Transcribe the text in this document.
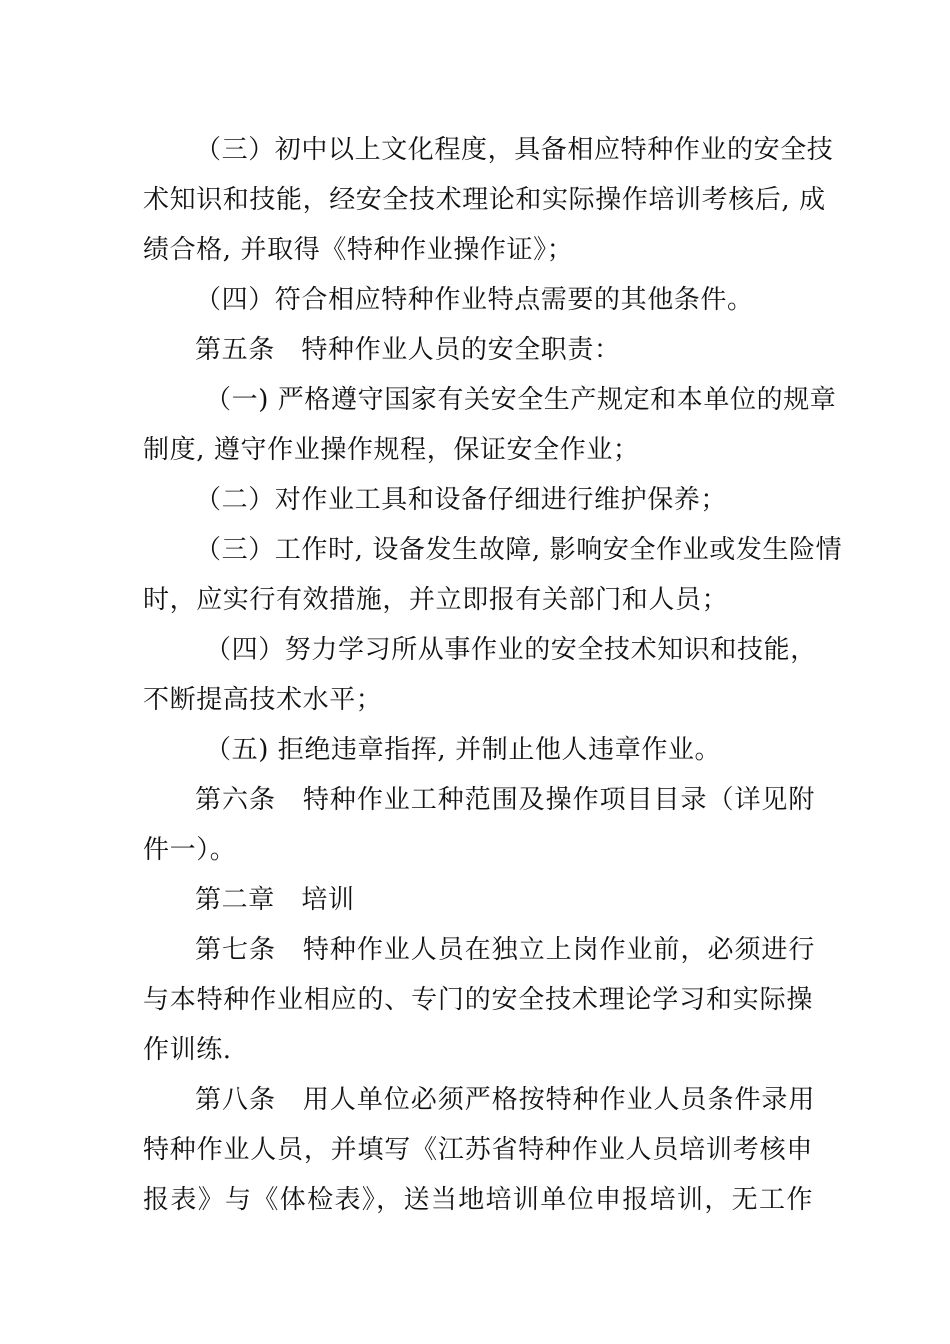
（三）初中以上文化程度，具备相应特种作业的安全技
术知识和技能，经安全技术理论和实际操作培训考核后, 成
绩合格, 并取得《特种作业操作证》；
（四）符合相应特种作业特点需要的其他条件。
第五条　特种作业人员的安全职责：
（一) 严格遵守国家有关安全生产规定和本单位的规章
制度, 遵守作业操作规程，保证安全作业；
（二）对作业工具和设备仔细进行维护保养；
（三）工作时, 设备发生故障, 影响安全作业或发生险情
时，应实行有效措施，并立即报有关部门和人员；
（四）努力学习所从事作业的安全技术知识和技能，
不断提高技术水平；
（五) 拒绝违章指挥, 并制止他人违章作业。
第六条　特种作业工种范围及操作项目目录（详见附
件一）。
第二章　培训
第七条　特种作业人员在独立上岗作业前，必须进行
与本特种作业相应的、专门的安全技术理论学习和实际操
作训练.
第八条　用人单位必须严格按特种作业人员条件录用
特种作业人员，并填写《江苏省特种作业人员培训考核申
报表》与《体检表》，送当地培训单位申报培训，无工作
